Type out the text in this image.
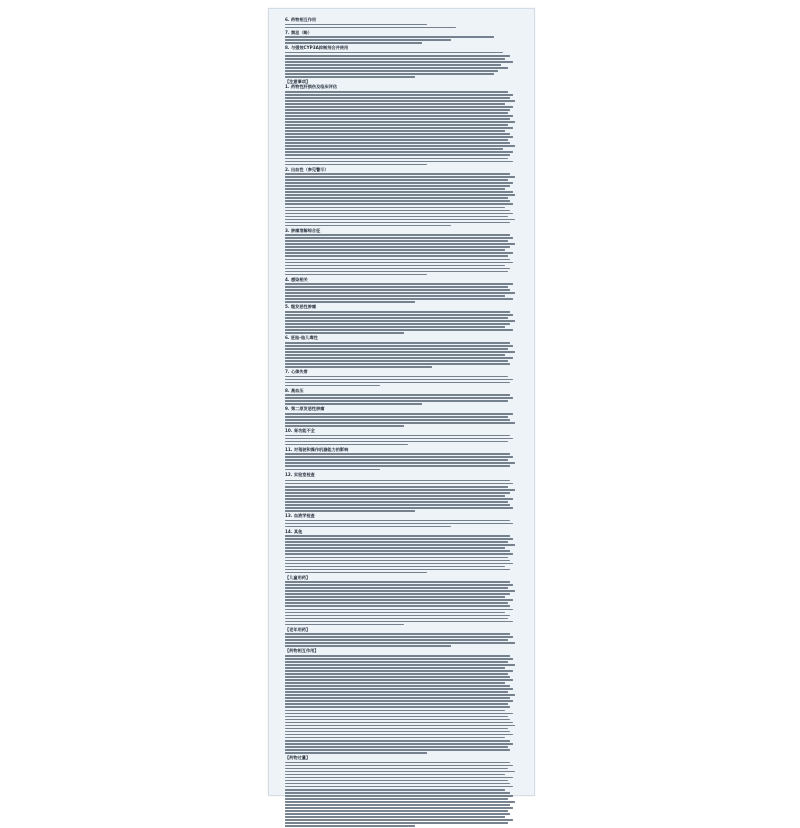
6. 药物相互作用
7. 禁忌（略）
8. 与强效CYP3A抑制剂合并使用
【注意事项】
1. 药物性肝损伤及临床评估
2. 出血性（参见警示）
3. 肿瘤溶解综合征
4. 感染相关
5. 继发恶性肿瘤
6. 胚胎-胎儿毒性
7. 心律失常
8. 高血压
9. 第二原发恶性肿瘤
10. 肾功能不全
11. 对驾驶和操作机器能力的影响
12. 实验室检查
13. 血液学检查
14. 其他
【儿童用药】
【老年用药】
【药物相互作用】
【药物过量】
